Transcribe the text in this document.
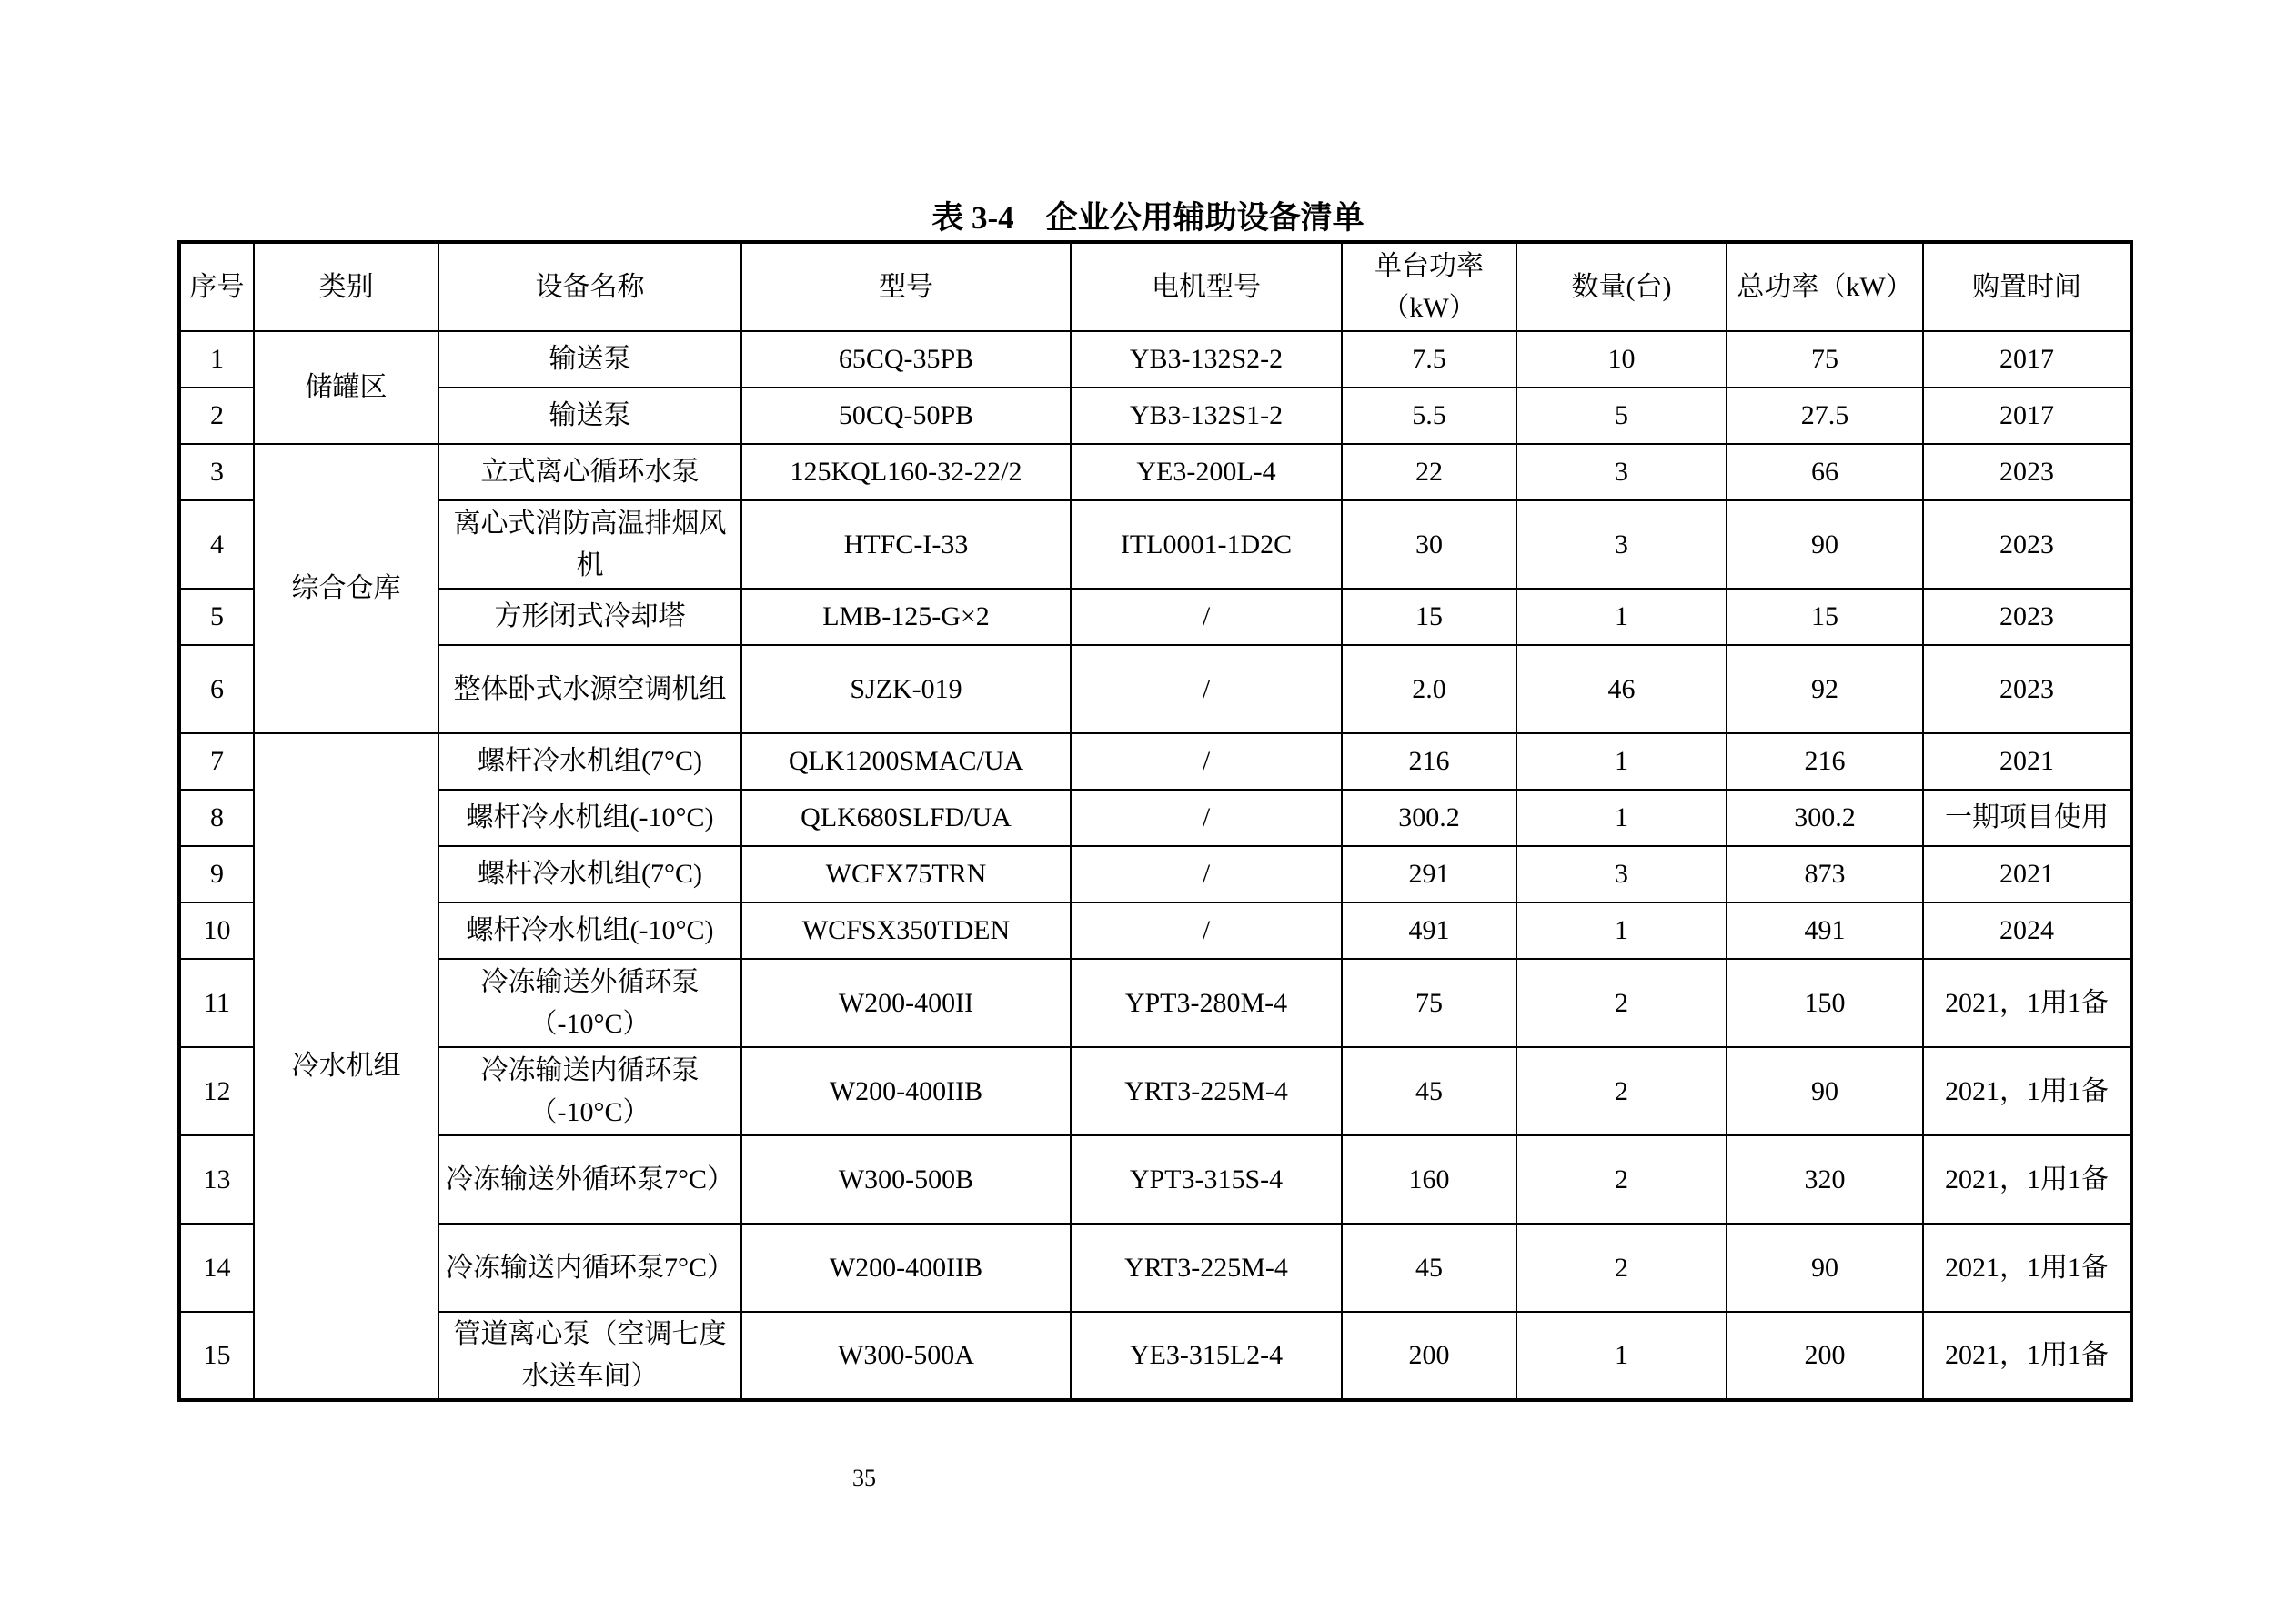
表 3-4    企业公用辅助设备清单
序号	类别	设备名称	型号	电机型号	单台功率（kW）	数量(台)	总功率（kW）	购置时间
1	储罐区	输送泵	65CQ-35PB	YB3-132S2-2	7.5	10	75	2017
2		输送泵	50CQ-50PB	YB3-132S1-2	5.5	5	27.5	2017
3	综合仓库	立式离心循环水泵	125KQL160-32-22/2	YE3-200L-4	22	3	66	2023
4		离心式消防高温排烟风机	HTFC-I-33	ITL0001-1D2C	30	3	90	2023
5		方形闭式冷却塔	LMB-125-G×2	/	15	1	15	2023
6		整体卧式水源空调机组	SJZK-019	/	2.0	46	92	2023
7	冷水机组	螺杆冷水机组(7°C)	QLK1200SMAC/UA	/	216	1	216	2021
8		螺杆冷水机组(-10°C)	QLK680SLFD/UA	/	300.2	1	300.2	一期项目使用
9		螺杆冷水机组(7°C)	WCFX75TRN	/	291	3	873	2021
10		螺杆冷水机组(-10°C)	WCFSX350TDEN	/	491	1	491	2024
11		冷冻输送外循环泵（-10°C）	W200-400II	YPT3-280M-4	75	2	150	2021，1用1备
12		冷冻输送内循环泵（-10°C）	W200-400IIB	YRT3-225M-4	45	2	90	2021，1用1备
13		冷冻输送外循环泵7°C）	W300-500B	YPT3-315S-4	160	2	320	2021，1用1备
14		冷冻输送内循环泵7°C）	W200-400IIB	YRT3-225M-4	45	2	90	2021，1用1备
15		管道离心泵（空调七度水送车间）	W300-500A	YE3-315L2-4	200	1	200	2021，1用1备
35
